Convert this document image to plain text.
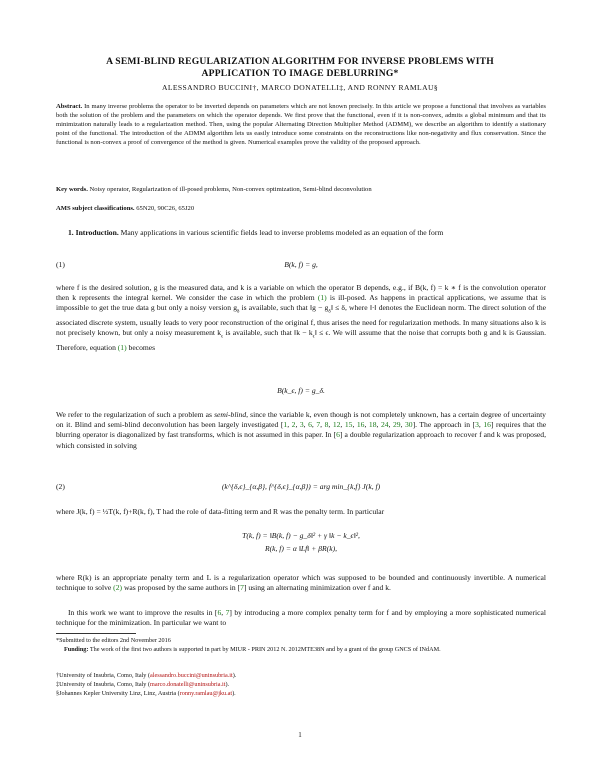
A SEMI-BLIND REGULARIZATION ALGORITHM FOR INVERSE PROBLEMS WITH
APPLICATION TO IMAGE DEBLURRING*
ALESSANDRO BUCCINI†, MARCO DONATELLI‡, AND RONNY RAMLAU§
Abstract. In many inverse problems the operator to be inverted depends on parameters which are not known precisely. In this article we propose a functional that involves as variables both the solution of the problem and the parameters on which the operator depends. We first prove that the functional, even if it is non-convex, admits a global minimum and that its minimization naturally leads to a regularization method. Then, using the popular Alternating Direction Multiplier Method (ADMM), we describe an algorithm to identify a stationary point of the functional. The introduction of the ADMM algorithm lets us easily introduce some constraints on the reconstructions like non-negativity and flux conservation. Since the functional is non-convex a proof of convergence of the method is given. Numerical examples prove the validity of the proposed approach.
Key words. Noisy operator, Regularization of ill-posed problems, Non-convex optimization, Semi-blind deconvolution
AMS subject classifications. 65N20, 90C26, 65J20
1. Introduction. Many applications in various scientific fields lead to inverse problems modeled as an equation of the form
(1)	B(k, f) = g,
where f is the desired solution, g is the measured data, and k is a variable on which the operator B depends, e.g., if B(k, f) = k ∗ f is the convolution operator then k represents the integral kernel. We consider the case in which the problem (1) is ill-posed. As happens in practical applications, we assume that is impossible to get the true data g but only a noisy version $g_\delta$ is available, such that ‖g − $g_\delta‖ \le \delta$, where ‖·‖ denotes the Euclidean norm. The direct solution of the associated discrete system, usually leads to very poor reconstruction of the original f, thus arises the need for regularization methods. In many situations also k is not precisely known, but only a noisy measurement $k_\epsilon$ is available, such that ‖k − $k_\epsilon‖ \le \epsilon$. We will assume that the noise that corrupts both g and k is Gaussian. Therefore, equation (1) becomes
B(k_ϵ, f) = g_δ.
We refer to the regularization of such a problem as semi-blind, since the variable k, even though is not completely unknown, has a certain degree of uncertainty on it. Blind and semi-blind deconvolution has been largely investigated [1, 2, 3, 6, 7, 8, 12, 15, 16, 18, 24, 29, 30]. The approach in [3, 16] requires that the blurring operator is diagonalized by fast transforms, which is not assumed in this paper. In [6] a double regularization approach to recover f and k was proposed, which consisted in solving
(2)	(k^{δ,ϵ}_{α,β}, f^{δ,ϵ}_{α,β}) = arg min_{k,f} J(k, f)
where J(k, f) = ½T(k, f)+R(k, f), T had the role of data-fitting term and R was the penalty term. In particular
T(k, f) = ‖B(k, f) − g_δ‖² + γ ‖k − k_ϵ‖²,
R(k, f) = α ‖Lf‖ + βR(k),
where R(k) is an appropriate penalty term and L is a regularization operator which was supposed to be bounded and continuously invertible. A numerical technique to solve (2) was proposed by the same authors in [7] using an alternating minimization over f and k.
In this work we want to improve the results in [6, 7] by introducing a more complex penalty term for f and by employing a more sophisticated numerical technique for the minimization. In particular we want to
*Submitted to the editors 2nd November 2016
Funding: The work of the first two authors is supported in part by MIUR - PRIN 2012 N. 2012MTE38N and by a grant of the group GNCS of INdAM.
†University of Insubria, Como, Italy (alessandro.buccini@uninsubria.it).
‡University of Insubria, Como, Italy (marco.donatelli@uninsubria.it).
§Johannes Kepler University Linz, Linz, Austria (ronny.ramlau@jku.at).
1
